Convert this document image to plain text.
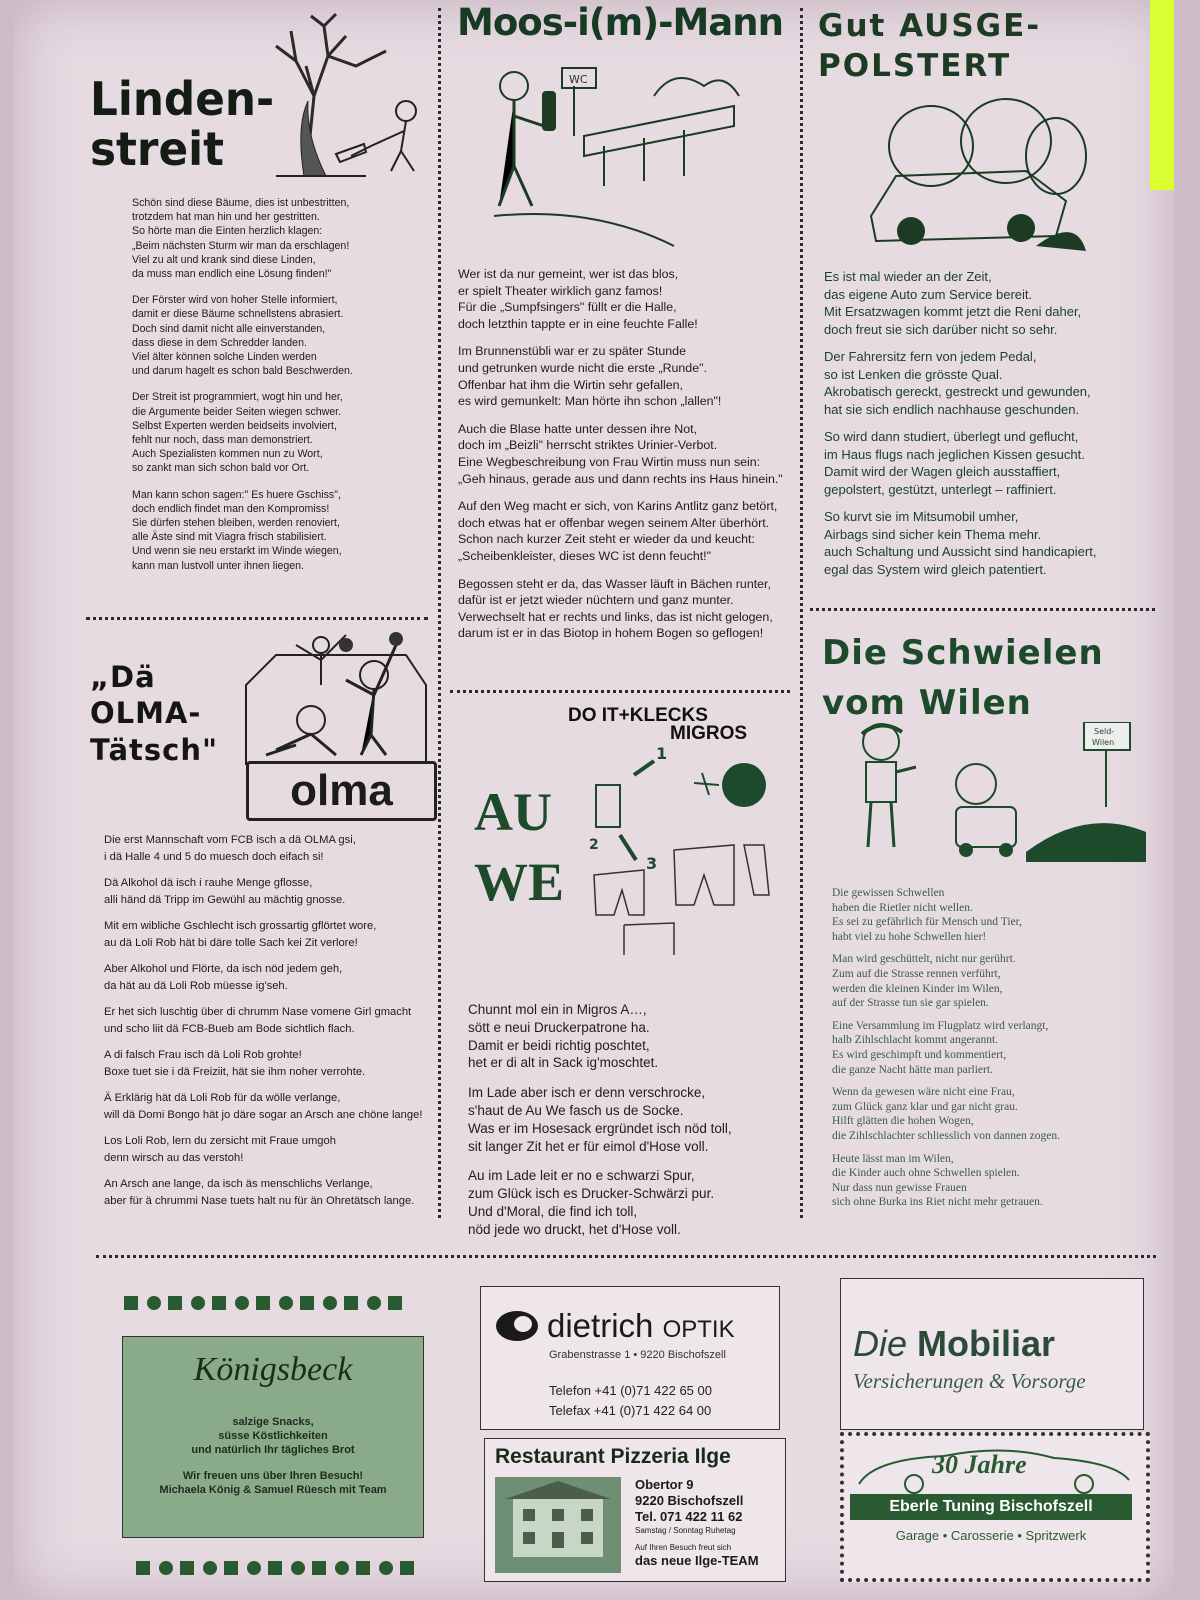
Linden-
streit
Schön sind diese Bäume, dies ist unbestritten,
trotzdem hat man hin und her gestritten.
So hörte man die Einten herzlich klagen:
„Beim nächsten Sturm wir man da erschlagen!
Viel zu alt und krank sind diese Linden,
da muss man endlich eine Lösung finden!"
Der Förster wird von hoher Stelle informiert,
damit er diese Bäume schnellstens abrasiert.
Doch sind damit nicht alle einverstanden,
dass diese in dem Schredder landen.
Viel älter können solche Linden werden
und darum hagelt es schon bald Beschwerden.
Der Streit ist programmiert, wogt hin und her,
die Argumente beider Seiten wiegen schwer.
Selbst Experten werden beidseits involviert,
fehlt nur noch, dass man demonstriert.
Auch Spezialisten kommen nun zu Wort,
so zankt man sich schon bald vor Ort.
Man kann schon sagen:" Es huere Gschiss",
doch endlich findet man den Kompromiss!
Sie dürfen stehen bleiben, werden renoviert,
alle Äste sind mit Viagra frisch stabilisiert.
Und wenn sie neu erstarkt im Winde wiegen,
kann man lustvoll unter ihnen liegen.
„Dä
OLMA-
Tätsch"
olma
Die erst Mannschaft vom FCB isch a dä OLMA gsi,
i dä Halle 4 und 5 do muesch doch eifach si!
Dä Alkohol dä isch i rauhe Menge gflosse,
alli händ dä Tripp im Gewühl au mächtig gnosse.
Mit em wibliche Gschlecht isch grossartig gflörtet wore,
au dä Loli Rob hät bi däre tolle Sach kei Zit verlore!
Aber Alkohol und Flörte, da isch nöd jedem geh,
da hät au dä Loli Rob müesse ig'seh.
Er het sich luschtig über di chrumm Nase vomene Girl gmacht
und scho liit dä FCB-Bueb am Bode sichtlich flach.
A di falsch Frau isch dä Loli Rob grohte!
Boxe tuet sie i dä Freiziit, hät sie ihm noher verrohte.
Ä Erklärig hät dä Loli Rob für da wölle verlange,
will dä Domi Bongo hät jo däre sogar an Arsch ane chöne lange!
Los Loli Rob, lern du zersicht mit Fraue umgoh
denn wirsch au das verstoh!
An Arsch ane lange, da isch äs menschlichs Verlange,
aber für ä chrummi Nase tuets halt nu für än Ohretätsch lange.
Moos-i(m)-Mann
WC
Wer ist da nur gemeint, wer ist das blos,
er spielt Theater wirklich ganz famos!
Für die „Sumpfsingers" füllt er die Halle,
doch letzthin tappte er in eine feuchte Falle!
Im Brunnenstübli war er zu später Stunde
und getrunken wurde nicht die erste „Runde".
Offenbar hat ihm die Wirtin sehr gefallen,
es wird gemunkelt: Man hörte ihn schon „lallen"!
Auch die Blase hatte unter dessen ihre Not,
doch im „Beizli" herrscht striktes Urinier-Verbot.
Eine Wegbeschreibung von Frau Wirtin muss nun sein:
„Geh hinaus, gerade aus und dann rechts ins Haus hinein."
Auf den Weg macht er sich, von Karins Antlitz ganz betört,
doch etwas hat er offenbar wegen seinem Alter überhört.
Schon nach kurzer Zeit steht er wieder da und keucht:
„Scheibenkleister, dieses WC ist denn feucht!"
Begossen steht er da, das Wasser läuft in Bächen runter,
dafür ist er jetzt wieder nüchtern und ganz munter.
Verwechselt hat er rechts und links, das ist nicht gelogen,
darum ist er in das Biotop in hohem Bogen so geflogen!
DO IT+KLECKS
MIGROS
AU
WE
2
1
3
Chunnt mol ein in Migros A…,
sött e neui Druckerpatrone ha.
Damit er beidi richtig poschtet,
het er di alt in Sack ig'moschtet.
Im Lade aber isch er denn verschrocke,
s'haut de Au We fasch us de Socke.
Was er im Hosesack ergründet isch nöd toll,
sit langer Zit het er für eimol d'Hose voll.
Au im Lade leit er no e schwarzi Spur,
zum Glück isch es Drucker-Schwärzi pur.
Und d'Moral, die find ich toll,
nöd jede wo druckt, het d'Hose voll.
Gut AUSGE-
POLSTERT
Es ist mal wieder an der Zeit,
das eigene Auto zum Service bereit.
Mit Ersatzwagen kommt jetzt die Reni daher,
doch freut sie sich darüber nicht so sehr.
Der Fahrersitz fern von jedem Pedal,
so ist Lenken die grösste Qual.
Akrobatisch gereckt, gestreckt und gewunden,
hat sie sich endlich nachhause geschunden.
So wird dann studiert, überlegt und geflucht,
im Haus flugs nach jeglichen Kissen gesucht.
Damit wird der Wagen gleich ausstaffiert,
gepolstert, gestützt, unterlegt – raffiniert.
So kurvt sie im Mitsumobil umher,
Airbags sind sicher kein Thema mehr.
auch Schaltung und Aussicht sind handicapiert,
egal das System wird gleich patentiert.
Die Schwielen
vom Wilen
Seld-
Wilen
Die gewissen Schwellen
haben die Rietler nicht wellen.
Es sei zu gefährlich für Mensch und Tier,
habt viel zu hohe Schwellen hier!
Man wird geschüttelt, nicht nur gerührt.
Zum auf die Strasse rennen verführt,
werden die kleinen Kinder im Wilen,
auf der Strasse tun sie gar spielen.
Eine Versammlung im Flugplatz wird verlangt,
halb Zihlschlacht kommt angerannt.
Es wird geschimpft und kommentiert,
die ganze Nacht hätte man parliert.
Wenn da gewesen wäre nicht eine Frau,
zum Glück ganz klar und gar nicht grau.
Hilft glätten die hohen Wogen,
die Zihlschlachter schliesslich von dannen zogen.
Heute lässt man im Wilen,
die Kinder auch ohne Schwellen spielen.
Nur dass nun gewisse Frauen
sich ohne Burka ins Riet nicht mehr getrauen.
Königsbeck
salzige Snacks,
süsse Köstlichkeiten
und natürlich Ihr tägliches Brot
Wir freuen uns über Ihren Besuch!
Michaela König & Samuel Rüesch mit Team
dietrich OPTIK
Grabenstrasse 1 • 9220 Bischofszell
Telefon +41 (0)71 422 65 00
Telefax +41 (0)71 422 64 00
Restaurant Pizzeria Ilge
Obertor 9
9220 Bischofszell
Tel. 071 422 11 62
Samstag / Sonntag Ruhetag
Auf Ihren Besuch freut sich
das neue Ilge-TEAM
Die Mobiliar
Versicherungen & Vorsorge
30 Jahre
Eberle Tuning Bischofszell
Garage • Carosserie • Spritzwerk
